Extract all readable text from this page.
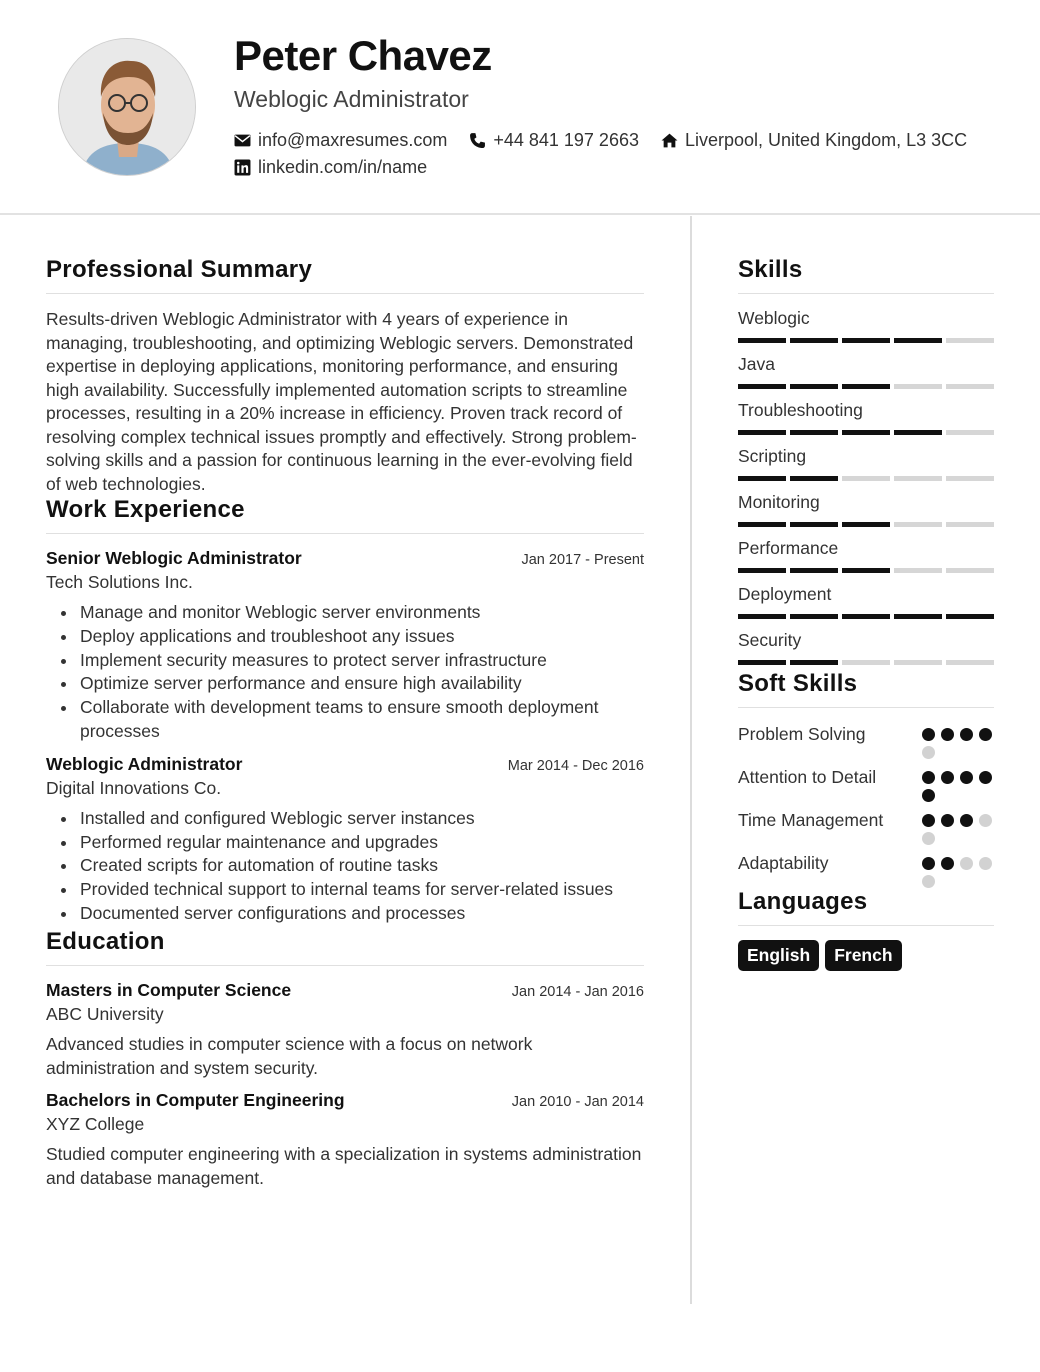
Peter Chavez
Weblogic Administrator
info@maxresumes.com	+44 841 197 2663	Liverpool, United Kingdom, L3 3CC
linkedin.com/in/name
Professional Summary

Results-driven Weblogic Administrator with 4 years of experience in managing, troubleshooting, and optimizing Weblogic servers. Demonstrated expertise in deploying applications, monitoring performance, and ensuring high availability. Successfully implemented automation scripts to streamline processes, resulting in a 20% increase in efficiency. Proven track record of resolving complex technical issues promptly and effectively. Strong problem-solving skills and a passion for continuous learning in the ever-evolving field of web technologies.

Work Experience
Senior Weblogic Administrator	Jan 2017 - Present
Tech Solutions Inc.
• Manage and monitor Weblogic server environments
• Deploy applications and troubleshoot any issues
• Implement security measures to protect server infrastructure
• Optimize server performance and ensure high availability
• Collaborate with development teams to ensure smooth deployment processes
Weblogic Administrator	Mar 2014 - Dec 2016
Digital Innovations Co.
• Installed and configured Weblogic server instances
• Performed regular maintenance and upgrades
• Created scripts for automation of routine tasks
• Provided technical support to internal teams for server-related issues
• Documented server configurations and processes
Education
Masters in Computer Science	Jan 2014 - Jan 2016
ABC University
Advanced studies in computer science with a focus on network administration and system security.
Bachelors in Computer Engineering	Jan 2010 - Jan 2014
XYZ College
Studied computer engineering with a specialization in systems administration and database management.
Skills
Weblogic
Java
Troubleshooting
Scripting
Monitoring
Performance
Deployment
Security
Soft Skills
Problem Solving
Attention to Detail
Time Management
Adaptability
Languages
English	French
